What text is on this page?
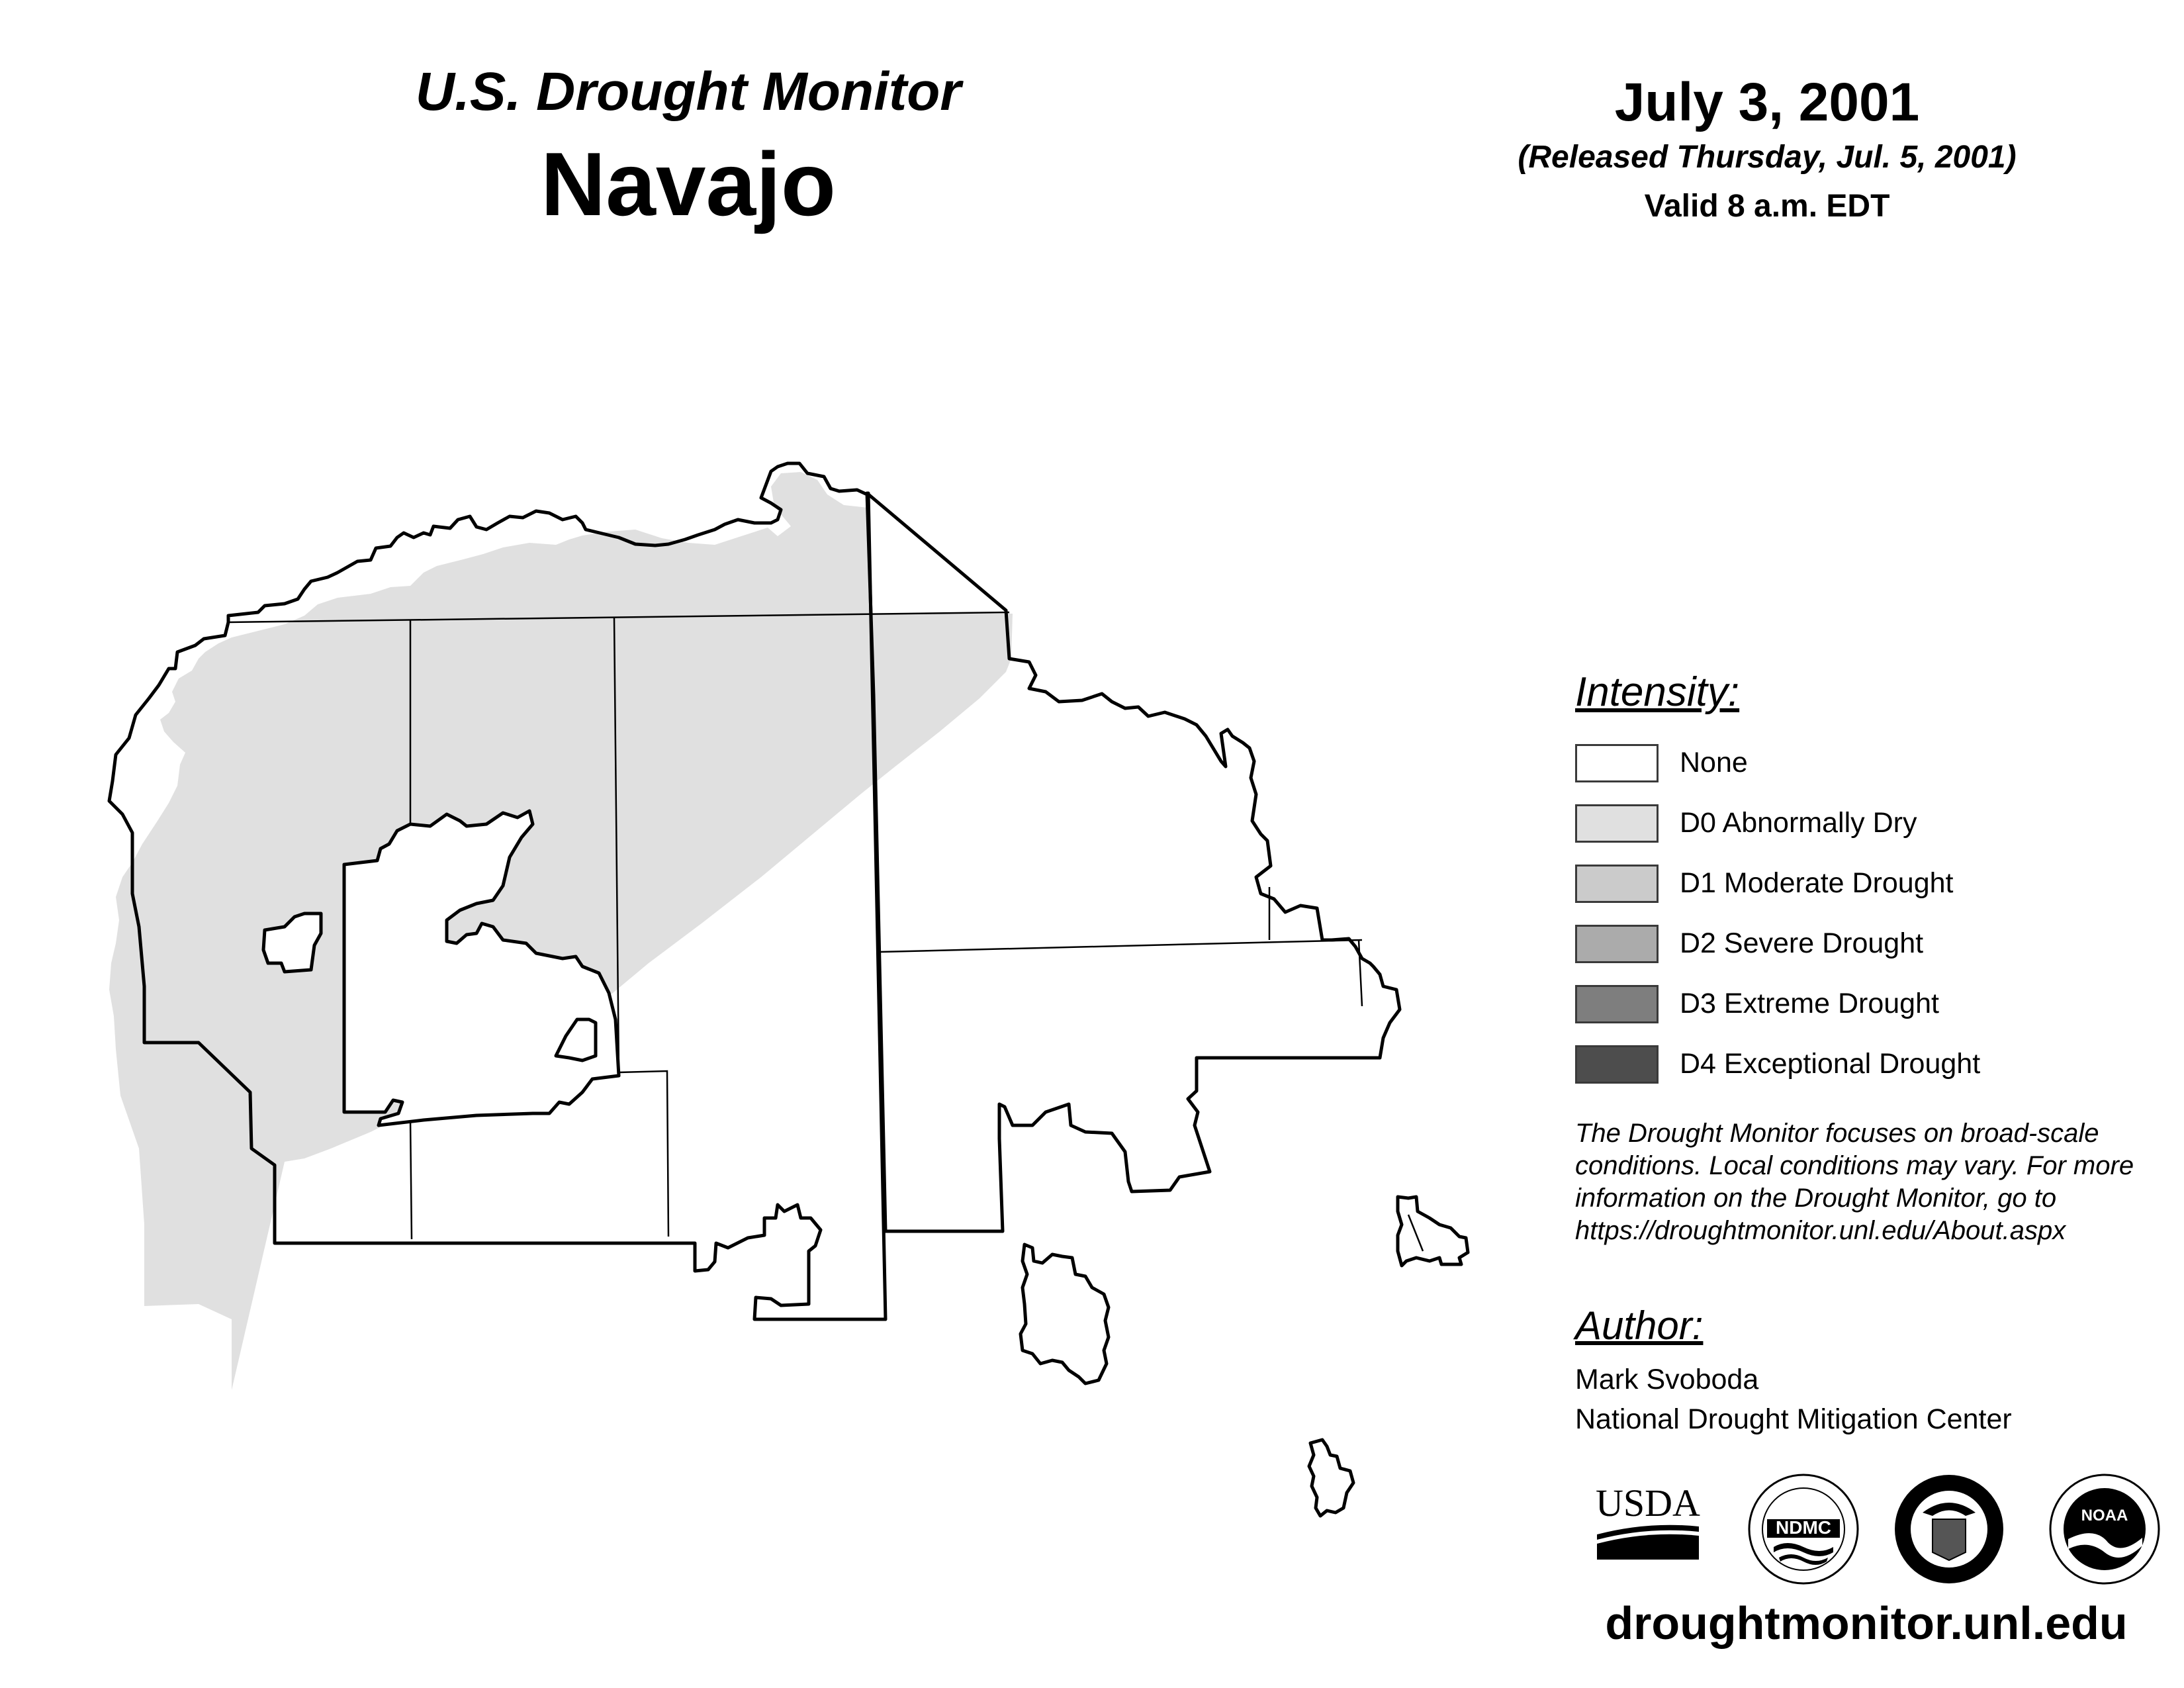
U.S. Drought Monitor
Navajo
July 3, 2001
(Released Thursday, Jul. 5, 2001)
Valid 8 a.m. EDT
Intensity:
None
D0 Abnormally Dry
D1 Moderate Drought
D2 Severe Drought
D3 Extreme Drought
D4 Exceptional Drought
The Drought Monitor focuses on broad-scale
conditions. Local conditions may vary. For more
information on the Drought Monitor, go to
https://droughtmonitor.unl.edu/About.aspx
Author:
Mark Svoboda
National Drought Mitigation Center
USDA
NDMC
NOAA
droughtmonitor.unl.edu
